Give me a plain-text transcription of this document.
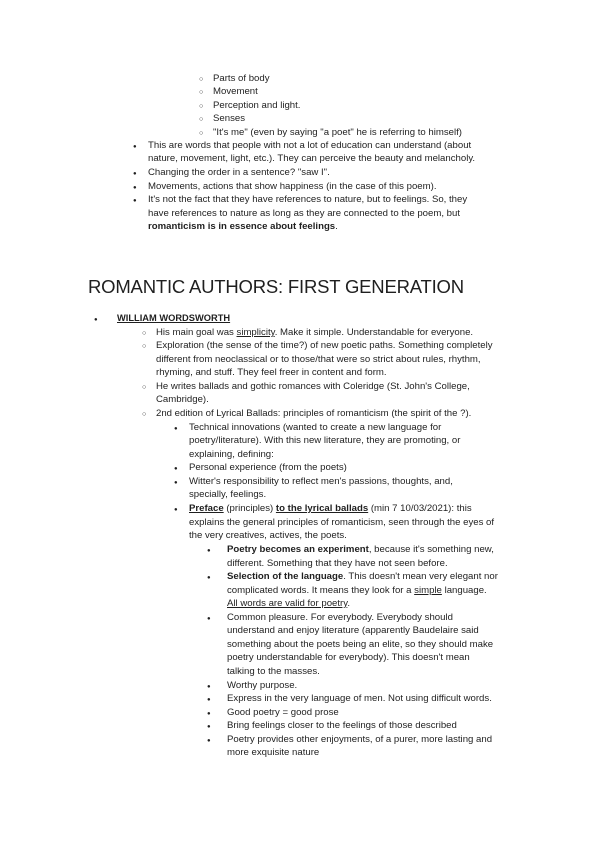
○
Parts of body
○
Movement
○
Perception and light.
○
Senses
○
"It's me" (even by saying "a poet" he is referring to himself)
●
This are words that people with not a lot of education can understand (about
nature, movement, light, etc.). They can perceive the beauty and melancholy.
●
Changing the order in a sentence? "saw I".
●
Movements, actions that show happiness (in the case of this poem).
●
It's not the fact that they have references to nature, but to feelings. So, they
have references to nature as long as they are connected to the poem, but
romanticism is in essence about feelings.
ROMANTIC AUTHORS: FIRST GENERATION
●
WILLIAM WORDSWORTH
○
His main goal was simplicity. Make it simple. Understandable for everyone.
○
Exploration (the sense of the time?) of new poetic paths. Something completely
different from neoclassical or to those/that were so strict about rules, rhythm,
rhyming, and stuff. They feel freer in content and form.
○
He writes ballads and gothic romances with Coleridge (St. John's College,
Cambridge).
○
2nd edition of Lyrical Ballads: principles of romanticism (the spirit of the ?).
●
Technical innovations (wanted to create a new language for
poetry/literature). With this new literature, they are promoting, or
explaining, defining:
●
Personal experience (from the poets)
●
Witter's responsibility to reflect men's passions, thoughts, and,
specially, feelings.
●
Preface (principles) to the lyrical ballads (min 7 10/03/2021): this
explains the general principles of romanticism, seen through the eyes of
the very creatives, actives, the poets.
●
Poetry becomes an experiment, because it's something new,
different. Something that they have not seen before.
●
Selection of the language. This doesn't mean very elegant nor
complicated words. It means they look for a simple language.
All words are valid for poetry.
●
Common pleasure. For everybody. Everybody should
understand and enjoy literature (apparently Baudelaire said
something about the poets being an elite, so they should make
poetry understandable for everybody). This doesn't mean
talking to the masses.
●
Worthy purpose.
●
Express in the very language of men. Not using difficult words.
●
Good poetry = good prose
●
Bring feelings closer to the feelings of those described
●
Poetry provides other enjoyments, of a purer, more lasting and
more exquisite nature
